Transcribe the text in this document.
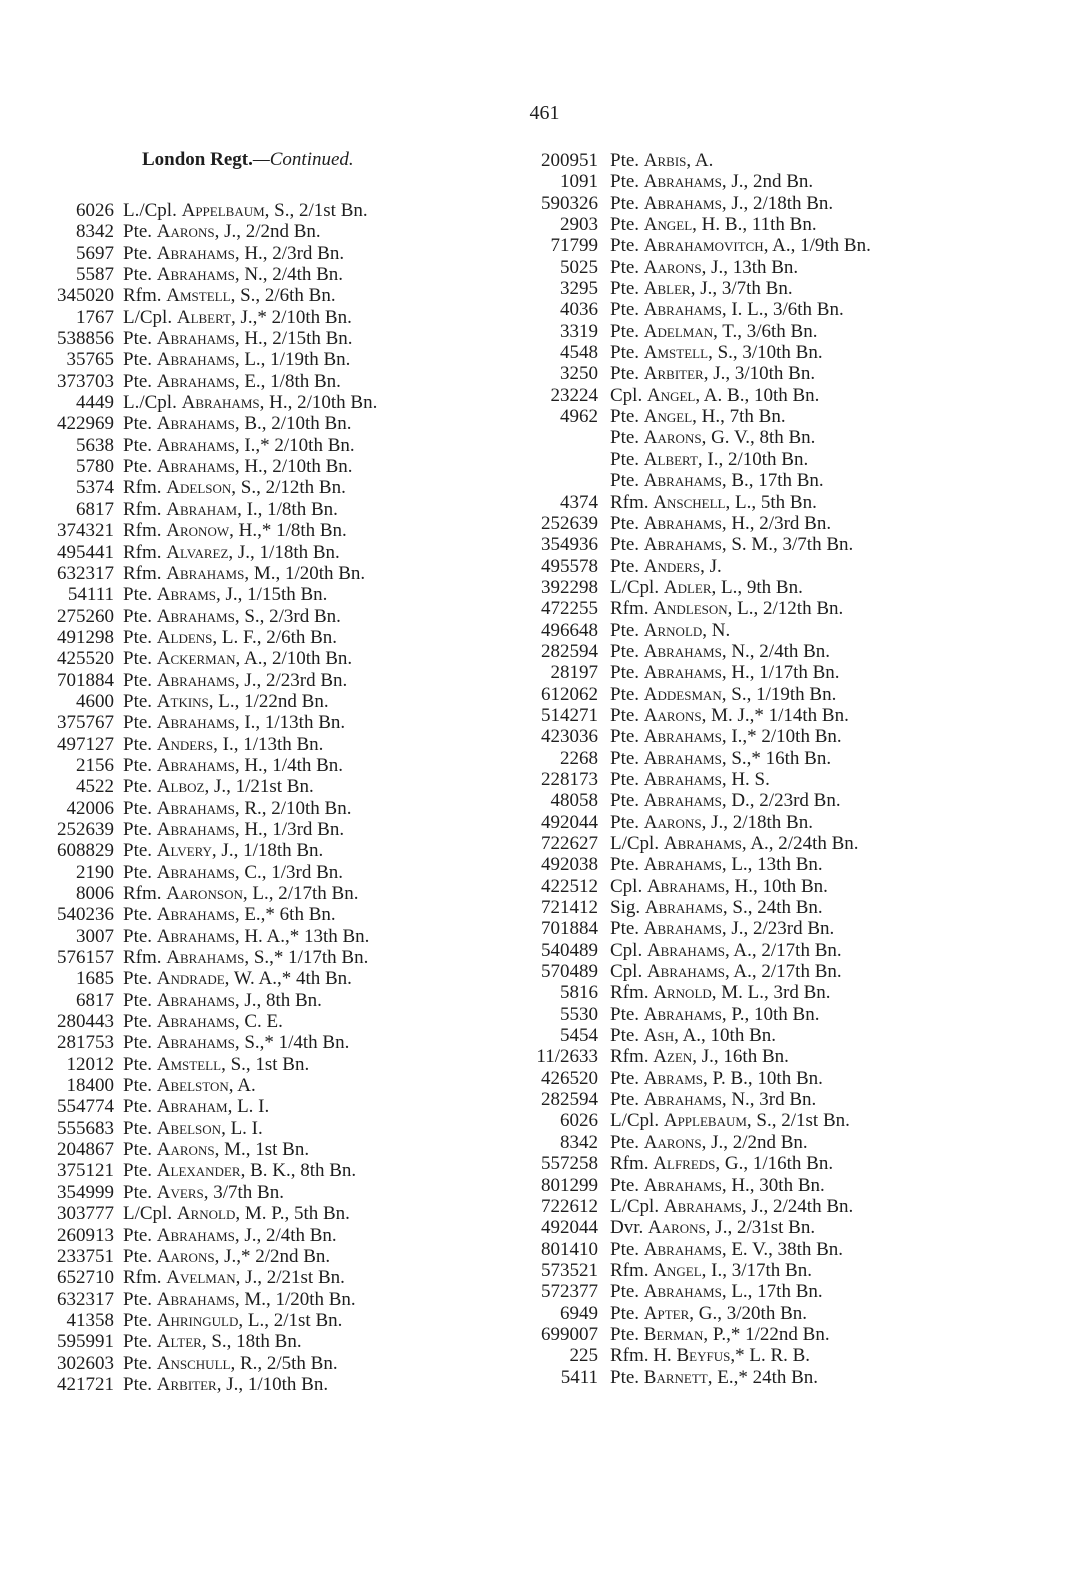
461
London Regt.—Continued.
6026 L./Cpl. Appelbaum, S., 2/1st Bn.
8342 Pte. Aarons, J., 2/2nd Bn.
5697 Pte. Abrahams, H., 2/3rd Bn.
5587 Pte. Abrahams, N., 2/4th Bn.
345020 Rfm. Amstell, S., 2/6th Bn.
1767 L/Cpl. Albert, J.,* 2/10th Bn.
538856 Pte. Abrahams, H., 2/15th Bn.
35765 Pte. Abrahams, L., 1/19th Bn.
373703 Pte. Abrahams, E., 1/8th Bn.
4449 L./Cpl. Abrahams, H., 2/10th Bn.
422969 Pte. Abrahams, B., 2/10th Bn.
5638 Pte. Abrahams, I.,* 2/10th Bn.
5780 Pte. Abrahams, H., 2/10th Bn.
5374 Rfm. Adelson, S., 2/12th Bn.
6817 Rfm. Abraham, I., 1/8th Bn.
374321 Rfm. Aronow, H.,* 1/8th Bn.
495441 Rfm. Alvarez, J., 1/18th Bn.
632317 Rfm. Abrahams, M., 1/20th Bn.
54111 Pte. Abrams, J., 1/15th Bn.
275260 Pte. Abrahams, S., 2/3rd Bn.
491298 Pte. Aldens, L. F., 2/6th Bn.
425520 Pte. Ackerman, A., 2/10th Bn.
701884 Pte. Abrahams, J., 2/23rd Bn.
4600 Pte. Atkins, L., 1/22nd Bn.
375767 Pte. Abrahams, I., 1/13th Bn.
497127 Pte. Anders, I., 1/13th Bn.
2156 Pte. Abrahams, H., 1/4th Bn.
4522 Pte. Alboz, J., 1/21st Bn.
42006 Pte. Abrahams, R., 2/10th Bn.
252639 Pte. Abrahams, H., 1/3rd Bn.
608829 Pte. Alvery, J., 1/18th Bn.
2190 Pte. Abrahams, C., 1/3rd Bn.
8006 Rfm. Aaronson, L., 2/17th Bn.
540236 Pte. Abrahams, E.,* 6th Bn.
3007 Pte. Abrahams, H. A.,* 13th Bn.
576157 Rfm. Abrahams, S.,* 1/17th Bn.
1685 Pte. Andrade, W. A.,* 4th Bn.
6817 Pte. Abrahams, J., 8th Bn.
280443 Pte. Abrahams, C. E.
281753 Pte. Abrahams, S.,* 1/4th Bn.
12012 Pte. Amstell, S., 1st Bn.
18400 Pte. Abelston, A.
554774 Pte. Abraham, L. I.
555683 Pte. Abelson, L. I.
204867 Pte. Aarons, M., 1st Bn.
375121 Pte. Alexander, B. K., 8th Bn.
354999 Pte. Avers, 3/7th Bn.
303777 L/Cpl. Arnold, M. P., 5th Bn.
260913 Pte. Abrahams, J., 2/4th Bn.
233751 Pte. Aarons, J.,* 2/2nd Bn.
652710 Rfm. Avelman, J., 2/21st Bn.
632317 Pte. Abrahams, M., 1/20th Bn.
41358 Pte. Ahringuld, L., 2/1st Bn.
595991 Pte. Alter, S., 18th Bn.
302603 Pte. Anschull, R., 2/5th Bn.
421721 Pte. Arbiter, J., 1/10th Bn.
200951 Pte. Arbis, A.
1091 Pte. Abrahams, J., 2nd Bn.
590326 Pte. Abrahams, J., 2/18th Bn.
2903 Pte. Angel, H. B., 11th Bn.
71799 Pte. Abrahamovitch, A., 1/9th Bn.
5025 Pte. Aarons, J., 13th Bn.
3295 Pte. Abler, J., 3/7th Bn.
4036 Pte. Abrahams, I. L., 3/6th Bn.
3319 Pte. Adelman, T., 3/6th Bn.
4548 Pte. Amstell, S., 3/10th Bn.
3250 Pte. Arbiter, J., 3/10th Bn.
23224 Cpl. Angel, A. B., 10th Bn.
4962 Pte. Angel, H., 7th Bn.
Pte. Aarons, G. V., 8th Bn.
Pte. Albert, I., 2/10th Bn.
Pte. Abrahams, B., 17th Bn.
4374 Rfm. Anschell, L., 5th Bn.
252639 Pte. Abrahams, H., 2/3rd Bn.
354936 Pte. Abrahams, S. M., 3/7th Bn.
495578 Pte. Anders, J.
392298 L/Cpl. Adler, L., 9th Bn.
472255 Rfm. Andleson, L., 2/12th Bn.
496648 Pte. Arnold, N.
282594 Pte. Abrahams, N., 2/4th Bn.
28197 Pte. Abrahams, H., 1/17th Bn.
612062 Pte. Addesman, S., 1/19th Bn.
514271 Pte. Aarons, M. J.,* 1/14th Bn.
423036 Pte. Abrahams, I.,* 2/10th Bn.
2268 Pte. Abrahams, S.,* 16th Bn.
228173 Pte. Abrahams, H. S.
48058 Pte. Abrahams, D., 2/23rd Bn.
492044 Pte. Aarons, J., 2/18th Bn.
722627 L/Cpl. Abrahams, A., 2/24th Bn.
492038 Pte. Abrahams, L., 13th Bn.
422512 Cpl. Abrahams, H., 10th Bn.
721412 Sig. Abrahams, S., 24th Bn.
701884 Pte. Abrahams, J., 2/23rd Bn.
540489 Cpl. Abrahams, A., 2/17th Bn.
570489 Cpl. Abrahams, A., 2/17th Bn.
5816 Rfm. Arnold, M. L., 3rd Bn.
5530 Pte. Abrahams, P., 10th Bn.
5454 Pte. Ash, A., 10th Bn.
11/2633 Rfm. Azen, J., 16th Bn.
426520 Pte. Abrams, P. B., 10th Bn.
282594 Pte. Abrahams, N., 3rd Bn.
6026 L/Cpl. Applebaum, S., 2/1st Bn.
8342 Pte. Aarons, J., 2/2nd Bn.
557258 Rfm. Alfreds, G., 1/16th Bn.
801299 Pte. Abrahams, H., 30th Bn.
722612 L/Cpl. Abrahams, J., 2/24th Bn.
492044 Dvr. Aarons, J., 2/31st Bn.
801410 Pte. Abrahams, E. V., 38th Bn.
573521 Rfm. Angel, I., 3/17th Bn.
572377 Pte. Abrahams, L., 17th Bn.
6949 Pte. Apter, G., 3/20th Bn.
699007 Pte. Berman, P.,* 1/22nd Bn.
225 Rfm. H. Beyfus,* L. R. B.
5411 Pte. Barnett, E.,* 24th Bn.
